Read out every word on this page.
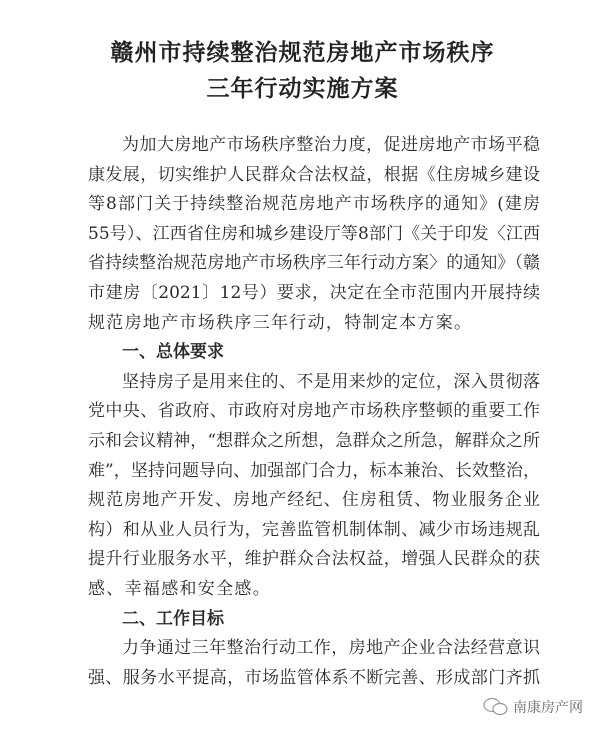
赣州市持续整治规范房地产市场秩序
三年行动实施方案
为加大房地产市场秩序整治力度，促进房地产市场平稳
康发展，切实维护人民群众合法权益，根据《住房城乡建设
等8部门关于持续整治规范房地产市场秩序的通知》(建房
55号）、江西省住房和城乡建设厅等8部门《关于印发〈江西
省持续整治规范房地产市场秩序三年行动方案〉的通知》（赣
市建房〔2021〕12号）要求，决定在全市范围内开展持续
规范房地产市场秩序三年行动，特制定本方案。
一、总体要求
坚持房子是用来住的、不是用来炒的定位，深入贯彻落
党中央、省政府、市政府对房地产市场秩序整顿的重要工作
示和会议精神，“想群众之所想，急群众之所急，解群众之所
难”，坚持问题导向、加强部门合力，标本兼治、长效整治，
规范房地产开发、房地产经纪、住房租赁、物业服务企业
构）和从业人员行为，完善监管机制体制、减少市场违规乱
提升行业服务水平，维护群众合法权益，增强人民群众的获
感、幸福感和安全感。
二、工作目标
力争通过三年整治行动工作，房地产企业合法经营意识
强、服务水平提高，市场监管体系不断完善、形成部门齐抓
南康房产网
